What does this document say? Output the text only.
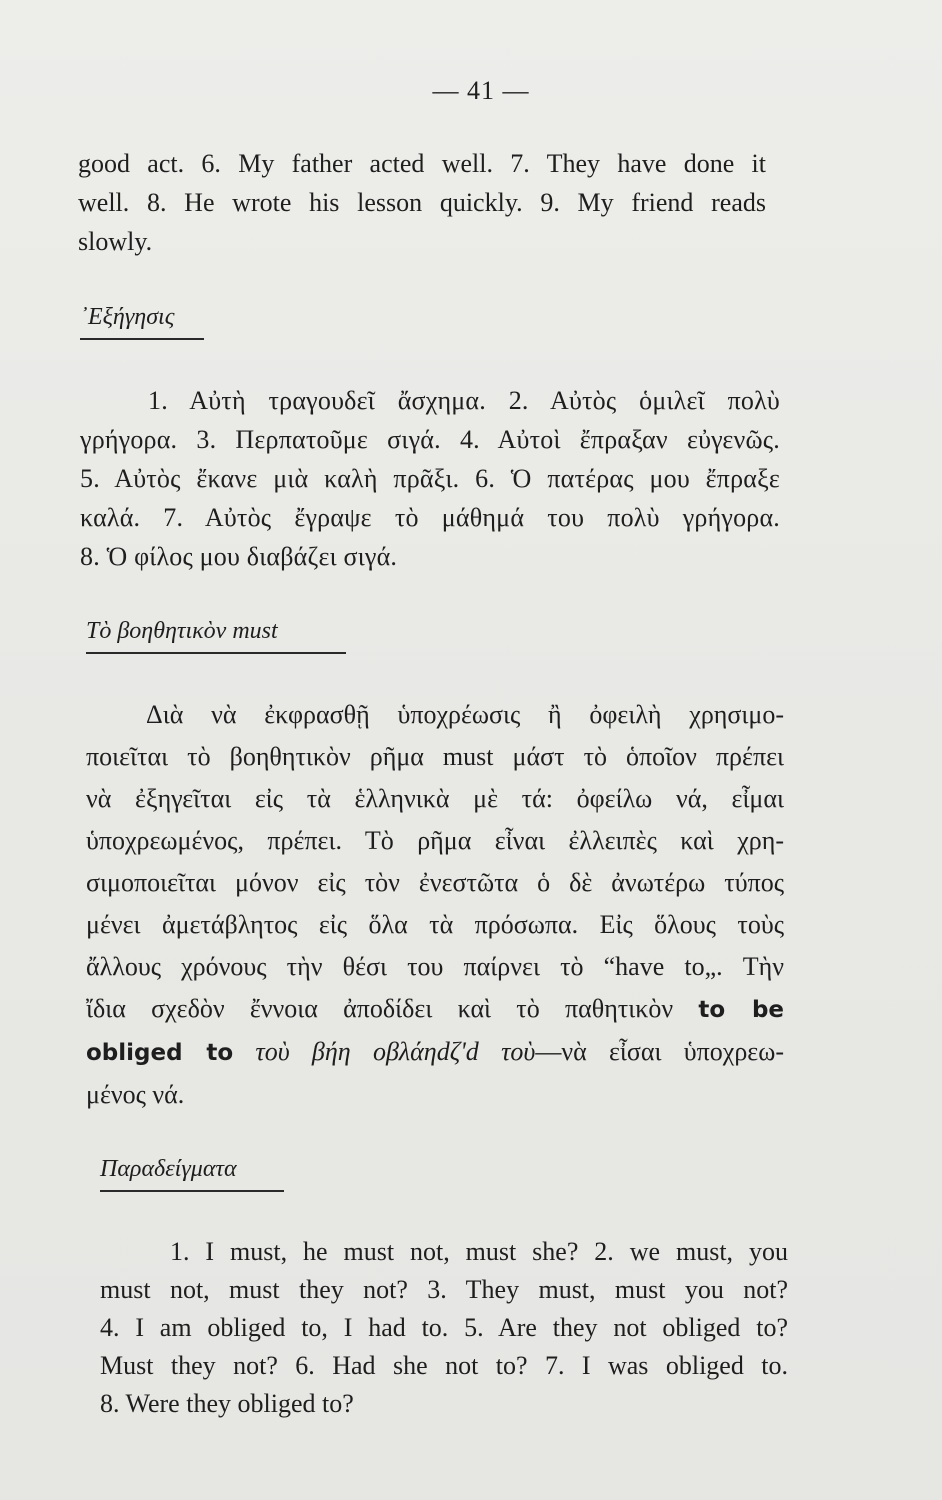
— 41 —
good act. 6. My father acted well. 7. They have done it
well. 8. He wrote his lesson quickly. 9. My friend reads
slowly.
᾿Εξήγησις
1. Αὐτὴ τραγουδεῖ ἄσχημα. 2. Αὐτὸς ὁμιλεῖ πολὺ
γρήγορα. 3. Περπατοῦμε σιγά. 4. Αὐτοὶ ἔπραξαν εὐγενῶς.
5. Αὐτὸς ἔκανε μιὰ καλὴ πρᾶξι. 6. Ὁ πατέρας μου ἔπραξε
καλά. 7. Αὐτὸς ἔγραψε τὸ μάθημά του πολὺ γρήγορα.
8. Ὁ φίλος μου διαβάζει σιγά.
Τὸ βοηθητικὸν must
Διὰ νὰ ἐκφρασθῇ ὑποχρέωσις ἢ ὀφειλὴ χρησιμο-
ποιεῖται τὸ βοηθητικὸν ρῆμα must μάστ τὸ ὁποῖον πρέπει
νὰ ἐξηγεῖται εἰς τὰ ἑλληνικὰ μὲ τά: ὀφείλω νά, εἶμαι
ὑποχρεωμένος, πρέπει. Τὸ ρῆμα εἶναι ἐλλειπὲς καὶ χρη-
σιμοποιεῖται μόνον εἰς τὸν ἐνεστῶτα ὁ δὲ ἀνωτέρω τύπος
μένει ἀμετάβλητος εἰς ὅλα τὰ πρόσωπα. Εἰς ὅλους τοὺς
ἄλλους χρόνους τὴν θέσι του παίρνει τὸ “have to„. Τὴν
ἴδια σχεδὸν ἔννοια ἀποδίδει καὶ τὸ παθητικὸν to be
obliged to τοὺ βήη οβλάηdζ'd τοὺ—νὰ εἶσαι ὑποχρεω-
μένος νά.
Παραδείγματα
1. I must, he must not, must she? 2. we must, you
must not, must they not? 3. They must, must you not?
4. I am obliged to, I had to. 5. Are they not obliged to?
Must they not? 6. Had she not to? 7. I was obliged to.
8. Were they obliged to?
